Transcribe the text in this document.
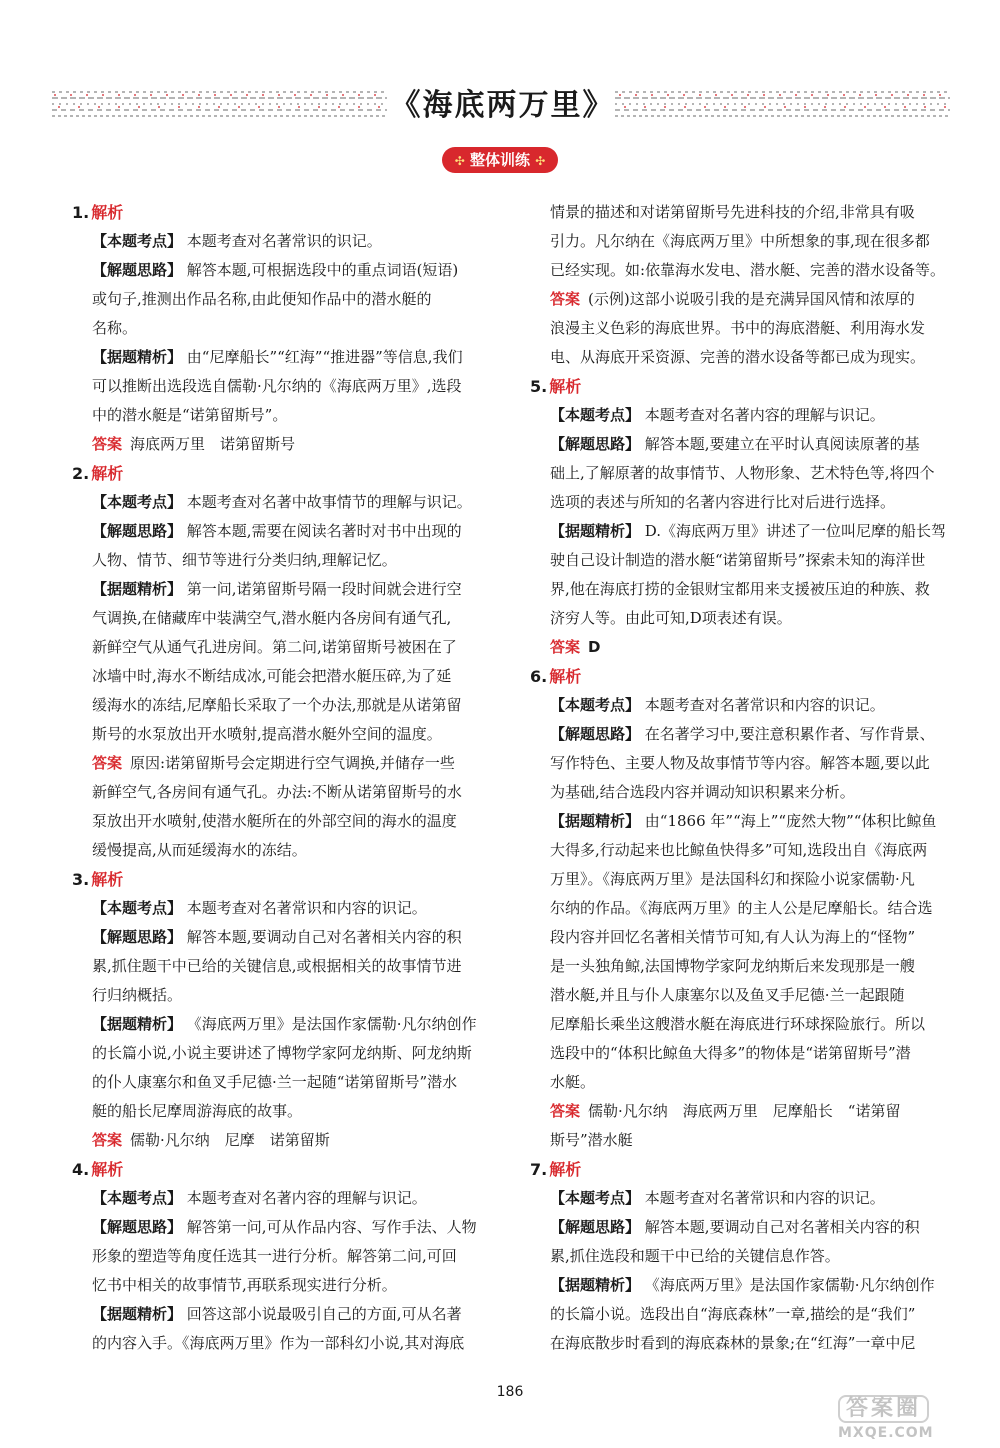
《海底两万里》
✣ 整体训练 ✣

1. 解析

【本题考点】 本题考查对名著常识的识记。

【解题思路】 解答本题,可根据选段中的重点词语(短语)

或句子,推测出作品名称,由此便知作品中的潜水艇的

名称。

【据题精析】 由“尼摩船长”“红海”“推进器”等信息,我们

可以推断出选段选自儒勒·凡尔纳的《海底两万里》,选段

中的潜水艇是“诺第留斯号”。

答案 海底两万里　诺第留斯号

2. 解析

【本题考点】 本题考查对名著中故事情节的理解与识记。

【解题思路】 解答本题,需要在阅读名著时对书中出现的

人物、情节、细节等进行分类归纳,理解记忆。

【据题精析】 第一问,诺第留斯号隔一段时间就会进行空

气调换,在储藏库中装满空气,潜水艇内各房间有通气孔,

新鲜空气从通气孔进房间。第二问,诺第留斯号被困在了

冰墙中时,海水不断结成冰,可能会把潜水艇压碎,为了延

缓海水的冻结,尼摩船长采取了一个办法,那就是从诺第留

斯号的水泵放出开水喷射,提高潜水艇外空间的温度。

答案 原因:诺第留斯号会定期进行空气调换,并储存一些

新鲜空气,各房间有通气孔。办法:不断从诺第留斯号的水

泵放出开水喷射,使潜水艇所在的外部空间的海水的温度

缓慢提高,从而延缓海水的冻结。

3. 解析

【本题考点】 本题考查对名著常识和内容的识记。

【解题思路】 解答本题,要调动自己对名著相关内容的积

累,抓住题干中已给的关键信息,或根据相关的故事情节进

行归纳概括。

【据题精析】 《海底两万里》是法国作家儒勒·凡尔纳创作

的长篇小说,小说主要讲述了博物学家阿龙纳斯、阿龙纳斯

的仆人康塞尔和鱼叉手尼德·兰一起随“诺第留斯号”潜水

艇的船长尼摩周游海底的故事。

答案 儒勒·凡尔纳　尼摩　诺第留斯

4. 解析

【本题考点】 本题考查对名著内容的理解与识记。

【解题思路】 解答第一问,可从作品内容、写作手法、人物

形象的塑造等角度任选其一进行分析。解答第二问,可回

忆书中相关的故事情节,再联系现实进行分析。

【据题精析】 回答这部小说最吸引自己的方面,可从名著

的内容入手。《海底两万里》作为一部科幻小说,其对海底

情景的描述和对诺第留斯号先进科技的介绍,非常具有吸

引力。凡尔纳在《海底两万里》中所想象的事,现在很多都

已经实现。如:依靠海水发电、潜水艇、完善的潜水设备等。

答案 (示例)这部小说吸引我的是充满异国风情和浓厚的

浪漫主义色彩的海底世界。书中的海底潜艇、利用海水发

电、从海底开采资源、完善的潜水设备等都已成为现实。

5. 解析

【本题考点】 本题考查对名著内容的理解与识记。

【解题思路】 解答本题,要建立在平时认真阅读原著的基

础上,了解原著的故事情节、人物形象、艺术特色等,将四个

选项的表述与所知的名著内容进行比对后进行选择。

【据题精析】 D.《海底两万里》讲述了一位叫尼摩的船长驾

驶自己设计制造的潜水艇“诺第留斯号”探索未知的海洋世

界,他在海底打捞的金银财宝都用来支援被压迫的种族、救

济穷人等。由此可知,D项表述有误。

答案 D

6. 解析

【本题考点】 本题考查对名著常识和内容的识记。

【解题思路】 在名著学习中,要注意积累作者、写作背景、

写作特色、主要人物及故事情节等内容。解答本题,要以此

为基础,结合选段内容并调动知识积累来分析。

【据题精析】 由“1866 年”“海上”“庞然大物”“体积比鲸鱼

大得多,行动起来也比鲸鱼快得多”可知,选段出自《海底两

万里》。《海底两万里》是法国科幻和探险小说家儒勒·凡

尔纳的作品。《海底两万里》的主人公是尼摩船长。结合选

段内容并回忆名著相关情节可知,有人认为海上的“怪物”

是一头独角鲸,法国博物学家阿龙纳斯后来发现那是一艘

潜水艇,并且与仆人康塞尔以及鱼叉手尼德·兰一起跟随

尼摩船长乘坐这艘潜水艇在海底进行环球探险旅行。所以

选段中的“体积比鲸鱼大得多”的物体是“诺第留斯号”潜

水艇。

答案 儒勒·凡尔纳　海底两万里　尼摩船长　“诺第留

斯号”潜水艇

7. 解析

【本题考点】 本题考查对名著常识和内容的识记。

【解题思路】 解答本题,要调动自己对名著相关内容的积

累,抓住选段和题干中已给的关键信息作答。

【据题精析】 《海底两万里》是法国作家儒勒·凡尔纳创作

的长篇小说。选段出自“海底森林”一章,描绘的是“我们”

在海底散步时看到的海底森林的景象;在“红海”一章中尼

186
答案圈
MXQE.COM
